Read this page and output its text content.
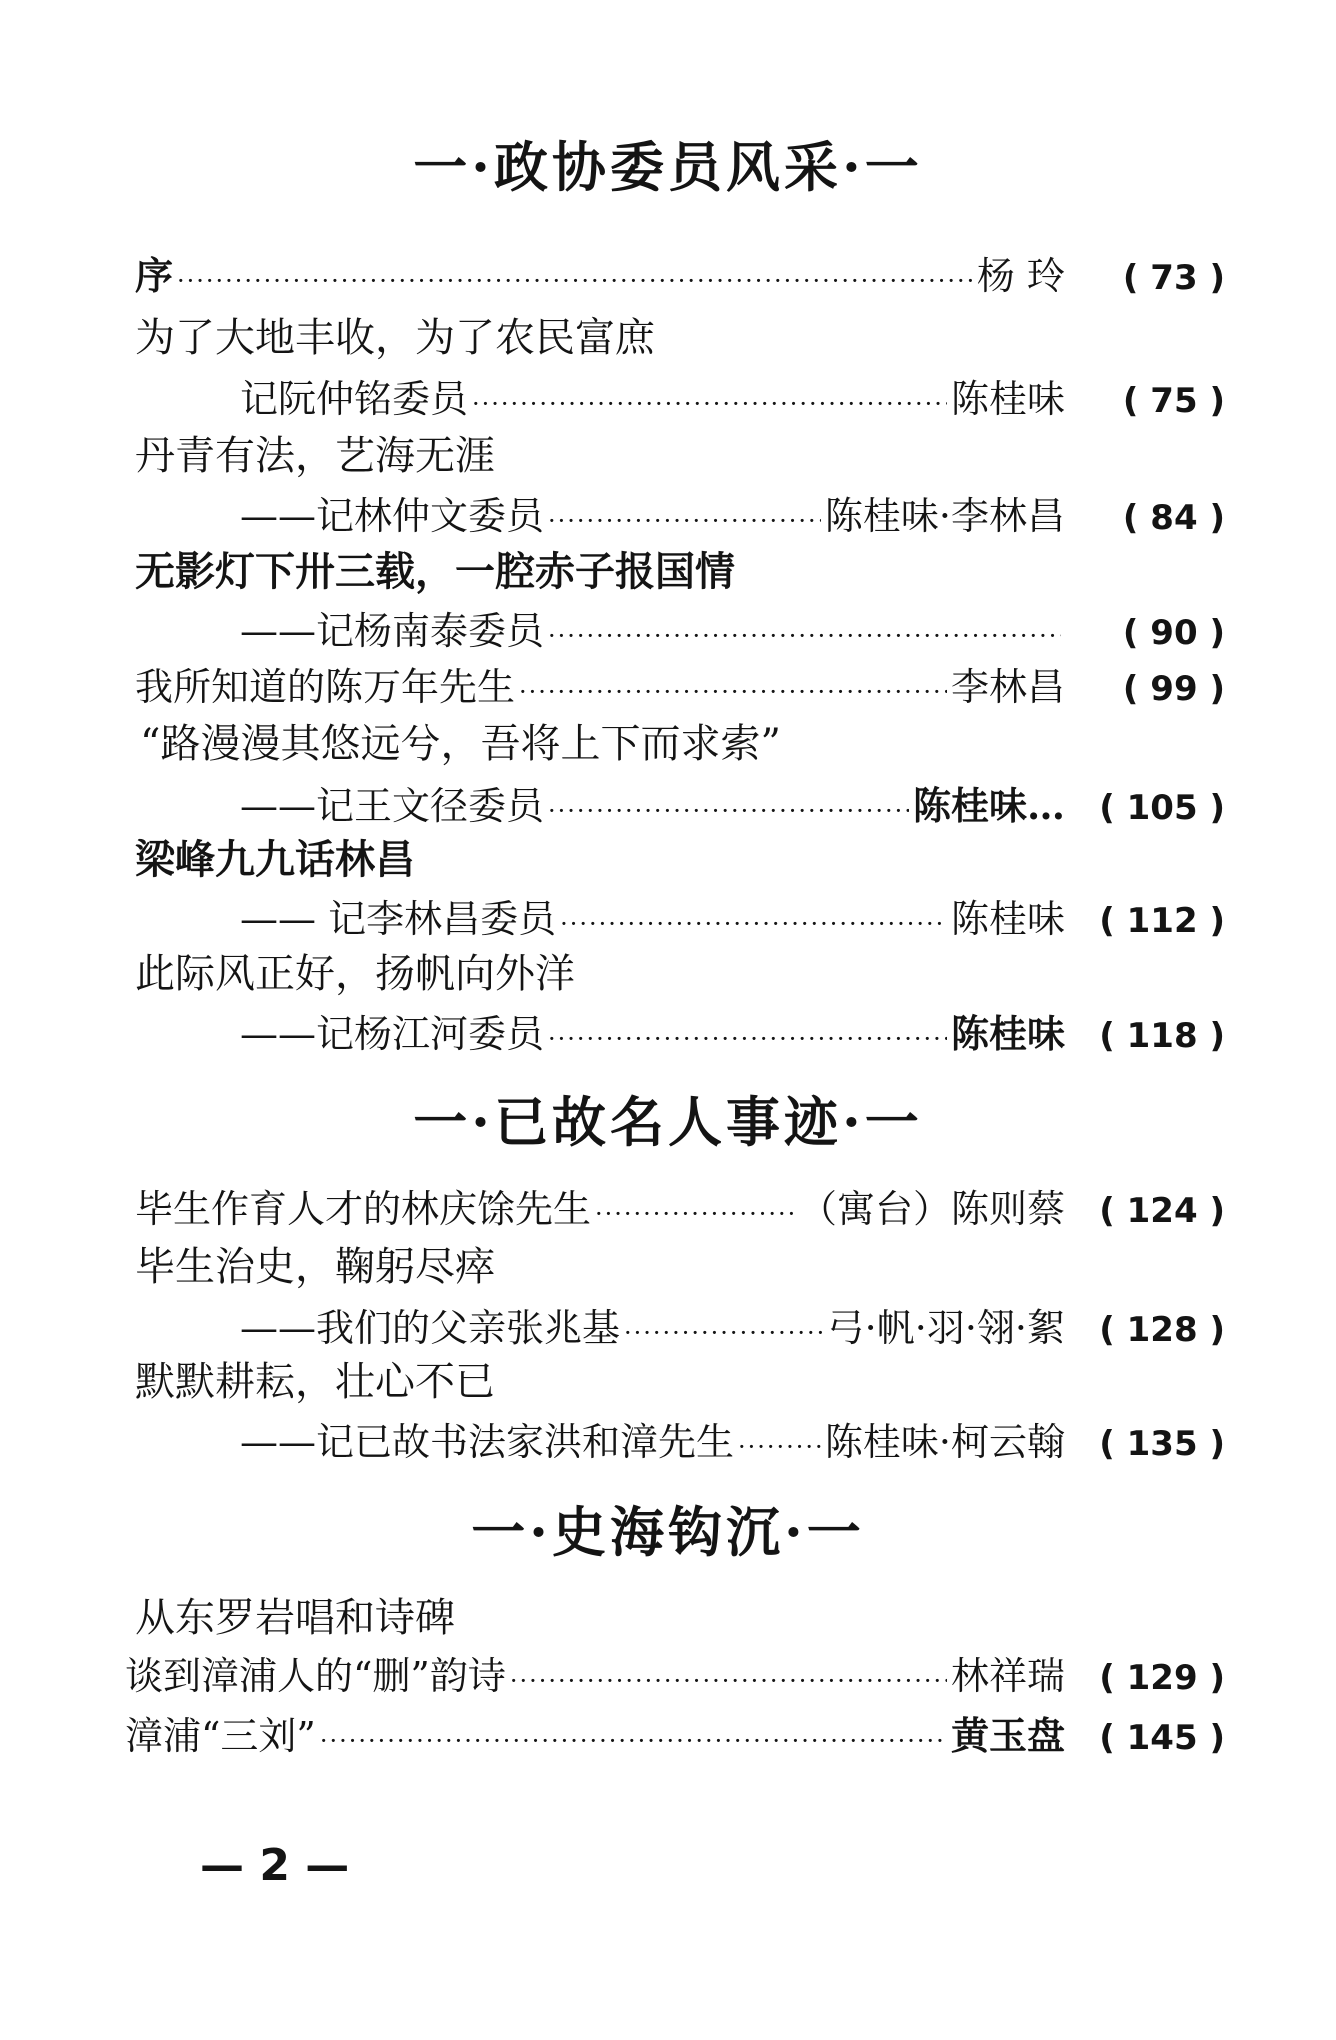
一·政协委员风采·一
序 ·····	杨 玲	( 73 )
为了大地丰收，为了农民富庶
记阮仲铭委员 ·····	陈桂味	( 75 )
丹青有法，艺海无涯
——记林仲文委员 ·····	陈桂味·李林昌	( 84 )
无影灯下卅三载，一腔赤子报国情
——记杨南泰委员 ·····	( 90 )
我所知道的陈万年先生 ·····	李林昌	( 99 )
“路漫漫其悠远兮，吾将上下而求索”
——记王文径委员 ·····	陈桂味…	( 105 )
梁峰九九话林昌
—— 记李林昌委员 ·····	陈桂味	( 112 )
此际风正好，扬帆向外洋
——记杨江河委员 ·····	陈桂味	( 118 )
一·已故名人事迹·一
毕生作育人才的林庆馀先生 ·····	（寓台）陈则蔡	( 124 )
毕生治史，鞠躬尽瘁
——我们的父亲张兆基 ·····	弓·帆·羽·翎·絮	( 128 )
默默耕耘，壮心不已
——记已故书法家洪和漳先生 ····· 陈桂味·柯云翰	( 135 )
一·史海钩沉·一
从东罗岩唱和诗碑
谈到漳浦人的“删”韵诗 ·····	林祥瑞	( 129 )
漳浦“三刘” ·····	黄玉盘	( 145 )
— 2 —
